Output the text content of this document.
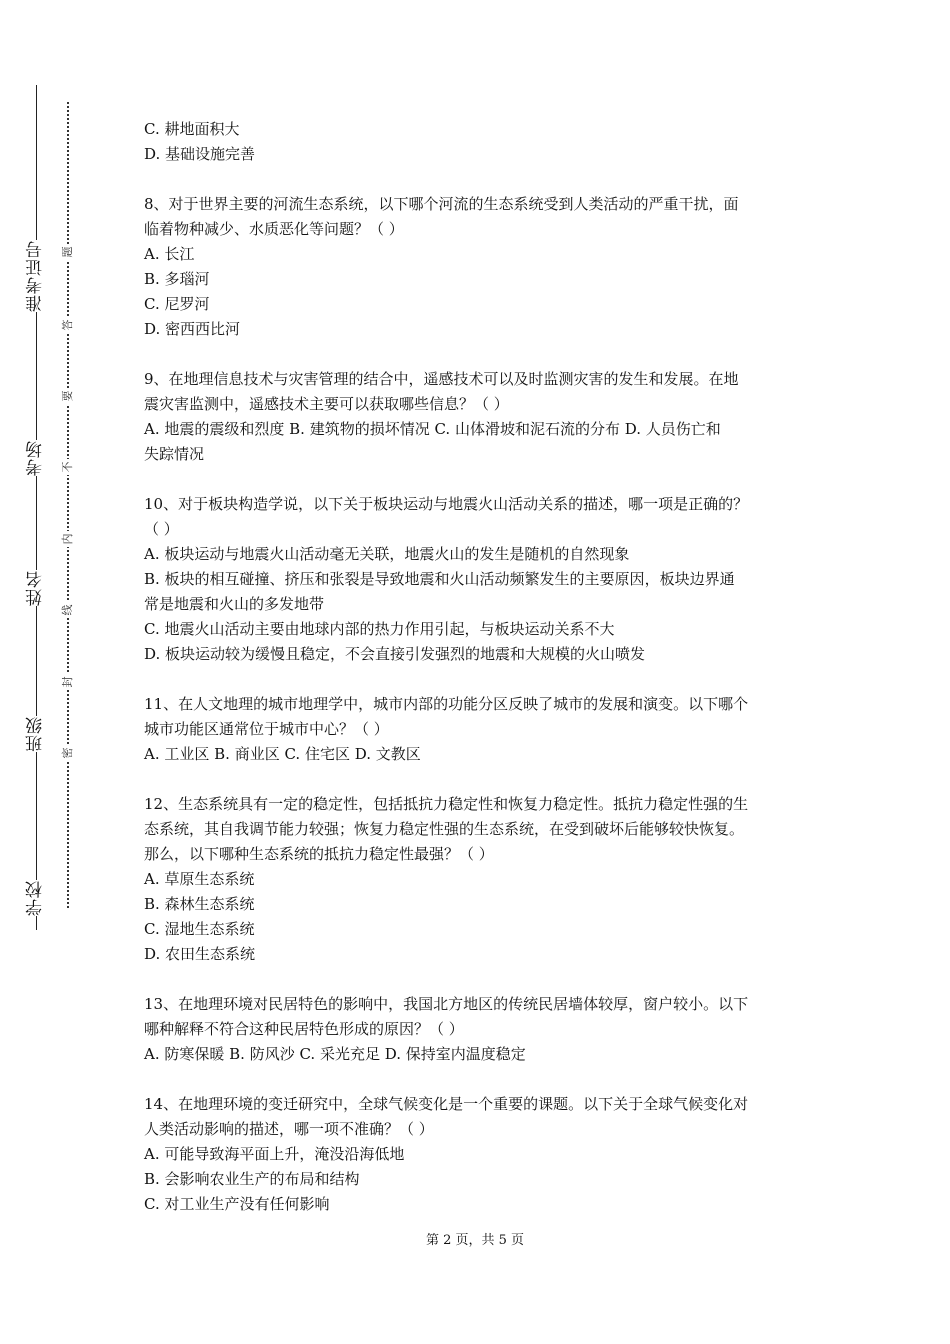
准考证号
考场
姓名
班级
学校
题
答
要
不
内
线
封
密
C. 耕地面积大
D. 基础设施完善
8、对于世界主要的河流生态系统，以下哪个河流的生态系统受到人类活动的严重干扰，面
临着物种减少、水质恶化等问题？（ ）
A. 长江
B. 多瑙河
C. 尼罗河
D. 密西西比河
9、在地理信息技术与灾害管理的结合中，遥感技术可以及时监测灾害的发生和发展。在地
震灾害监测中，遥感技术主要可以获取哪些信息？（ ）
A. 地震的震级和烈度 B. 建筑物的损坏情况 C. 山体滑坡和泥石流的分布 D. 人员伤亡和
失踪情况
10、对于板块构造学说，以下关于板块运动与地震火山活动关系的描述，哪一项是正确的？
（ ）
A. 板块运动与地震火山活动毫无关联，地震火山的发生是随机的自然现象
B. 板块的相互碰撞、挤压和张裂是导致地震和火山活动频繁发生的主要原因，板块边界通
常是地震和火山的多发地带
C. 地震火山活动主要由地球内部的热力作用引起，与板块运动关系不大
D. 板块运动较为缓慢且稳定，不会直接引发强烈的地震和大规模的火山喷发
11、在人文地理的城市地理学中，城市内部的功能分区反映了城市的发展和演变。以下哪个
城市功能区通常位于城市中心？（ ）
A. 工业区 B. 商业区 C. 住宅区 D. 文教区
12、生态系统具有一定的稳定性，包括抵抗力稳定性和恢复力稳定性。抵抗力稳定性强的生
态系统，其自我调节能力较强；恢复力稳定性强的生态系统，在受到破坏后能够较快恢复。
那么，以下哪种生态系统的抵抗力稳定性最强？（ ）
A. 草原生态系统
B. 森林生态系统
C. 湿地生态系统
D. 农田生态系统
13、在地理环境对民居特色的影响中，我国北方地区的传统民居墙体较厚，窗户较小。以下
哪种解释不符合这种民居特色形成的原因？（ ）
A. 防寒保暖 B. 防风沙 C. 采光充足 D. 保持室内温度稳定
14、在地理环境的变迁研究中，全球气候变化是一个重要的课题。以下关于全球气候变化对
人类活动影响的描述，哪一项不准确？（ ）
A. 可能导致海平面上升，淹没沿海低地
B. 会影响农业生产的布局和结构
C. 对工业生产没有任何影响
第 2 页，共 5 页
